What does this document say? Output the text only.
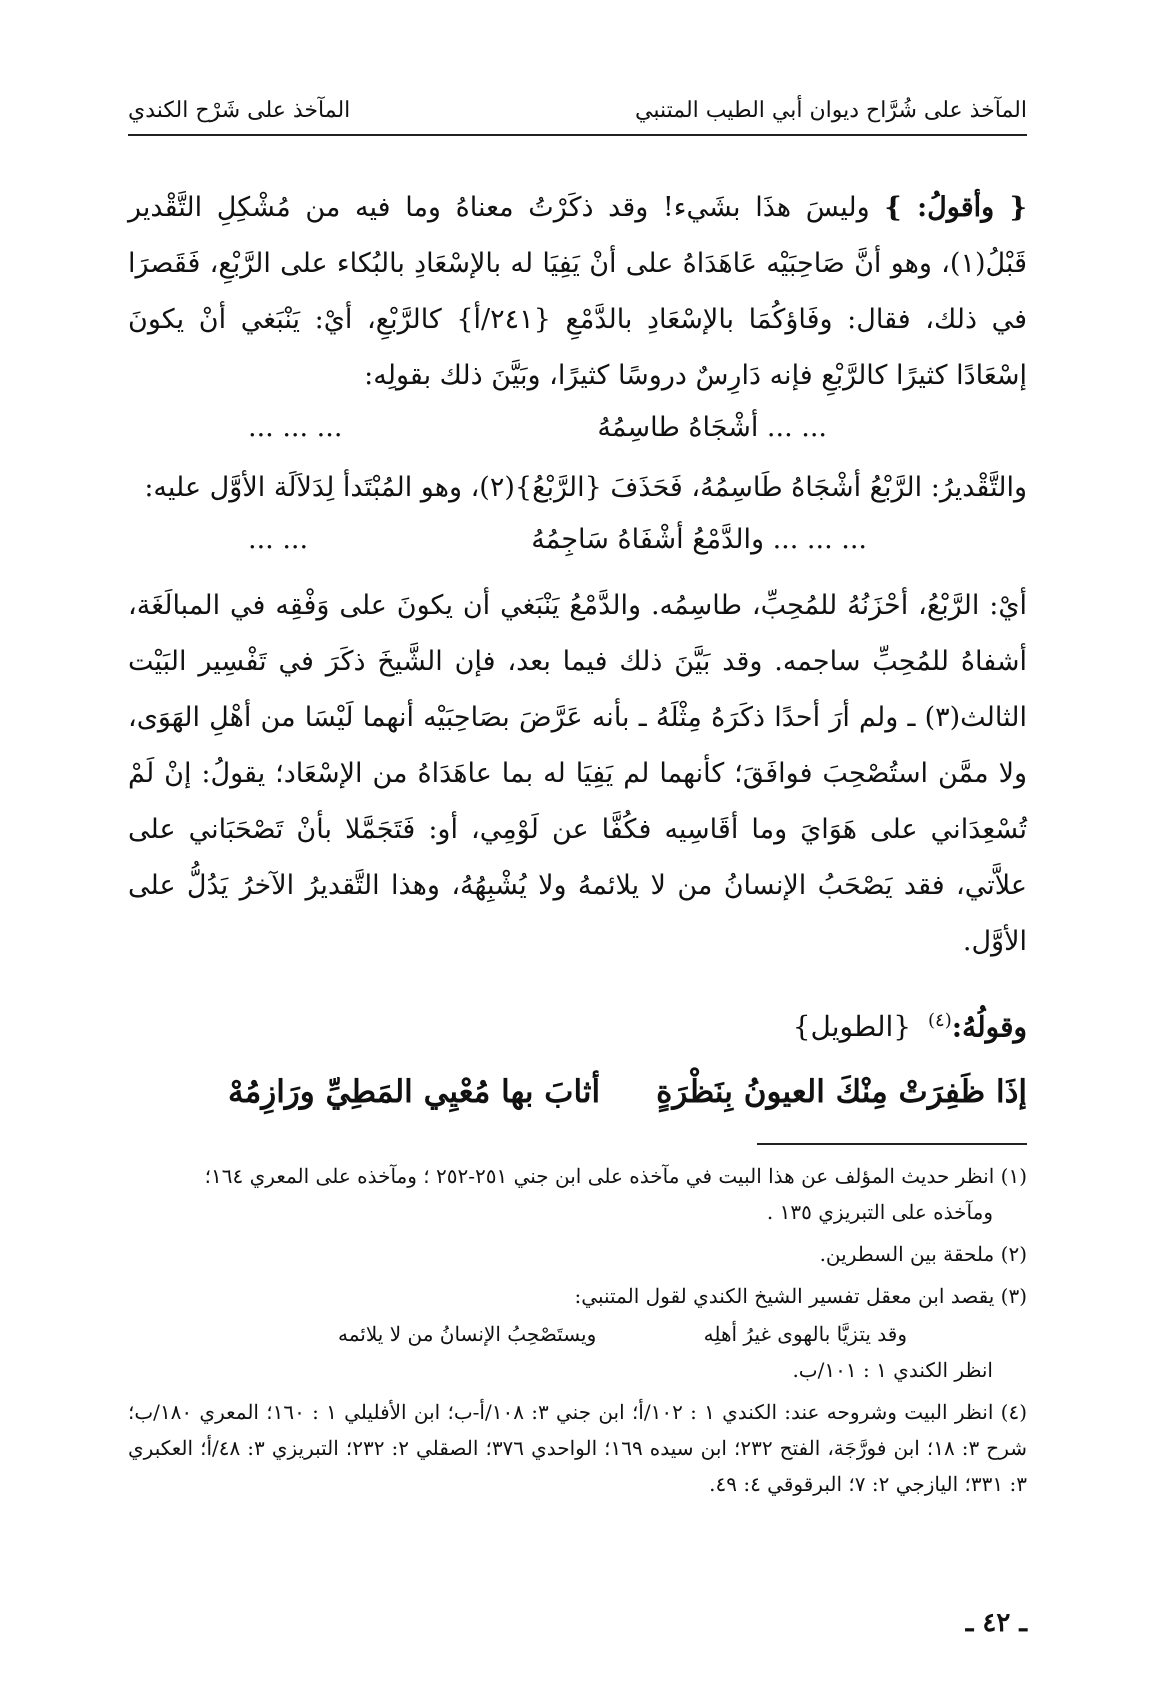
المآخذ على شُرَّاح ديوان أبي الطيب المتنبي
المآخذ على شَرْح الكندي

{ وأقولُ: } وليسَ هذَا بشَيء! وقد ذكَرْتُ معناهُ وما فيه من مُشْكِلِ التَّقْدير قَبْلُ(١)، وهو أنَّ صَاحِبَيْه عَاهَدَاهُ على أنْ يَفِيَا له بالإسْعَادِ بالبُكاء على الرَّبْعِ، فَقَصرَا في ذلك، فقال: وفَاؤكُمَا بالإسْعَادِ بالدَّمْعِ {٢٤١/أ} كالرَّبْعِ، أيْ: يَنْبَغي أنْ يكونَ إسْعَادًا كثيرًا كالرَّبْعِ فإنه دَارِسٌ دروسًا كثيرًا، وبَيَّنَ ذلك بقولِه:

... ... أشْجَاهُ طاسِمُهُ
... ... ...

والتَّقْديرُ: الرَّبْعُ أشْجَاهُ طَاسِمُهُ، فَحَذَفَ {الرَّبْعُ}(٢)، وهو المُبْتَدأ لِدَلاَلَة الأوَّل عليه:

... ... ... والدَّمْعُ أشْفَاهُ سَاجِمُهُ
... ...

أيْ: الرَّبْعُ، أحْزَنُهُ للمُحِبِّ، طاسِمُه. والدَّمْعُ يَنْبَغي أن يكونَ على وَفْقِه في المبالَغَة، أشفاهُ للمُحِبِّ ساجمه. وقد بَيَّنَ ذلك فيما بعد، فإن الشَّيخَ ذكَرَ في تَفْسِير البَيْت الثالث(٣) ـ ولم أرَ أحدًا ذكَرَهُ مِثْلَهُ ـ بأنه عَرَّضَ بصَاحِبَيْه أنهما لَيْسَا من أهْلِ الهَوَى، ولا ممَّن استُصْحِبَ فوافَقَ؛ كأنهما لم يَفِيَا له بما عاهَدَاهُ من الإسْعَاد؛ يقولُ: إنْ لَمْ تُسْعِدَاني على هَوَايَ وما أقَاسِيه فكُفَّا عن لَوْمِي، أو: فَتَجَمَّلا بأنْ تَصْحَبَاني على علاَّتي، فقد يَصْحَبُ الإنسانُ من لا يلائمهُ ولا يُشْبِهُهُ، وهذا التَّقديرُ الآخرُ يَدُلُّ على الأوَّل.

وقولُهُ:$^{(٤)}$ {الطويل}
إذَا ظَفِرَتْ مِنْكَ العيونُ بِنَظْرَةٍ
أثابَ بها مُعْيِي المَطِيِّ ورَازِمُهْ
(١) انظر حديث المؤلف عن هذا البيت في مآخذه على ابن جني ٢٥١-٢٥٢ ؛ ومآخذه على المعري ١٦٤؛
ومآخذه على التبريزي ١٣٥ .
(٢) ملحقة بين السطرين.
(٣) يقصد ابن معقل تفسير الشيخ الكندي لقول المتنبي:
وقد يتزيَّا بالهوى غيرُ أهلِه
ويستَصْحِبُ الإنسانُ من لا يلائمه
انظر الكندي ١ : ١٠١/ب.
(٤) انظر البيت وشروحه عند: الكندي ١ : ١٠٢/أ؛ ابن جني ٣: ١٠٨/أ-ب؛ ابن الأفليلي ١ : ١٦٠؛ المعري ١٨٠/ب؛ شرح ٣: ١٨؛ ابن فورَّجَة، الفتح ٢٣٢؛ ابن سيده ١٦٩؛ الواحدي ٣٧٦؛ الصقلي ٢: ٢٣٢؛ التبريزي ٣: ٤٨/أ؛ العكبري ٣: ٣٣١؛ اليازجي ٢: ٧؛ البرقوقي ٤: ٤٩.
ـ ٤٢ ـ
